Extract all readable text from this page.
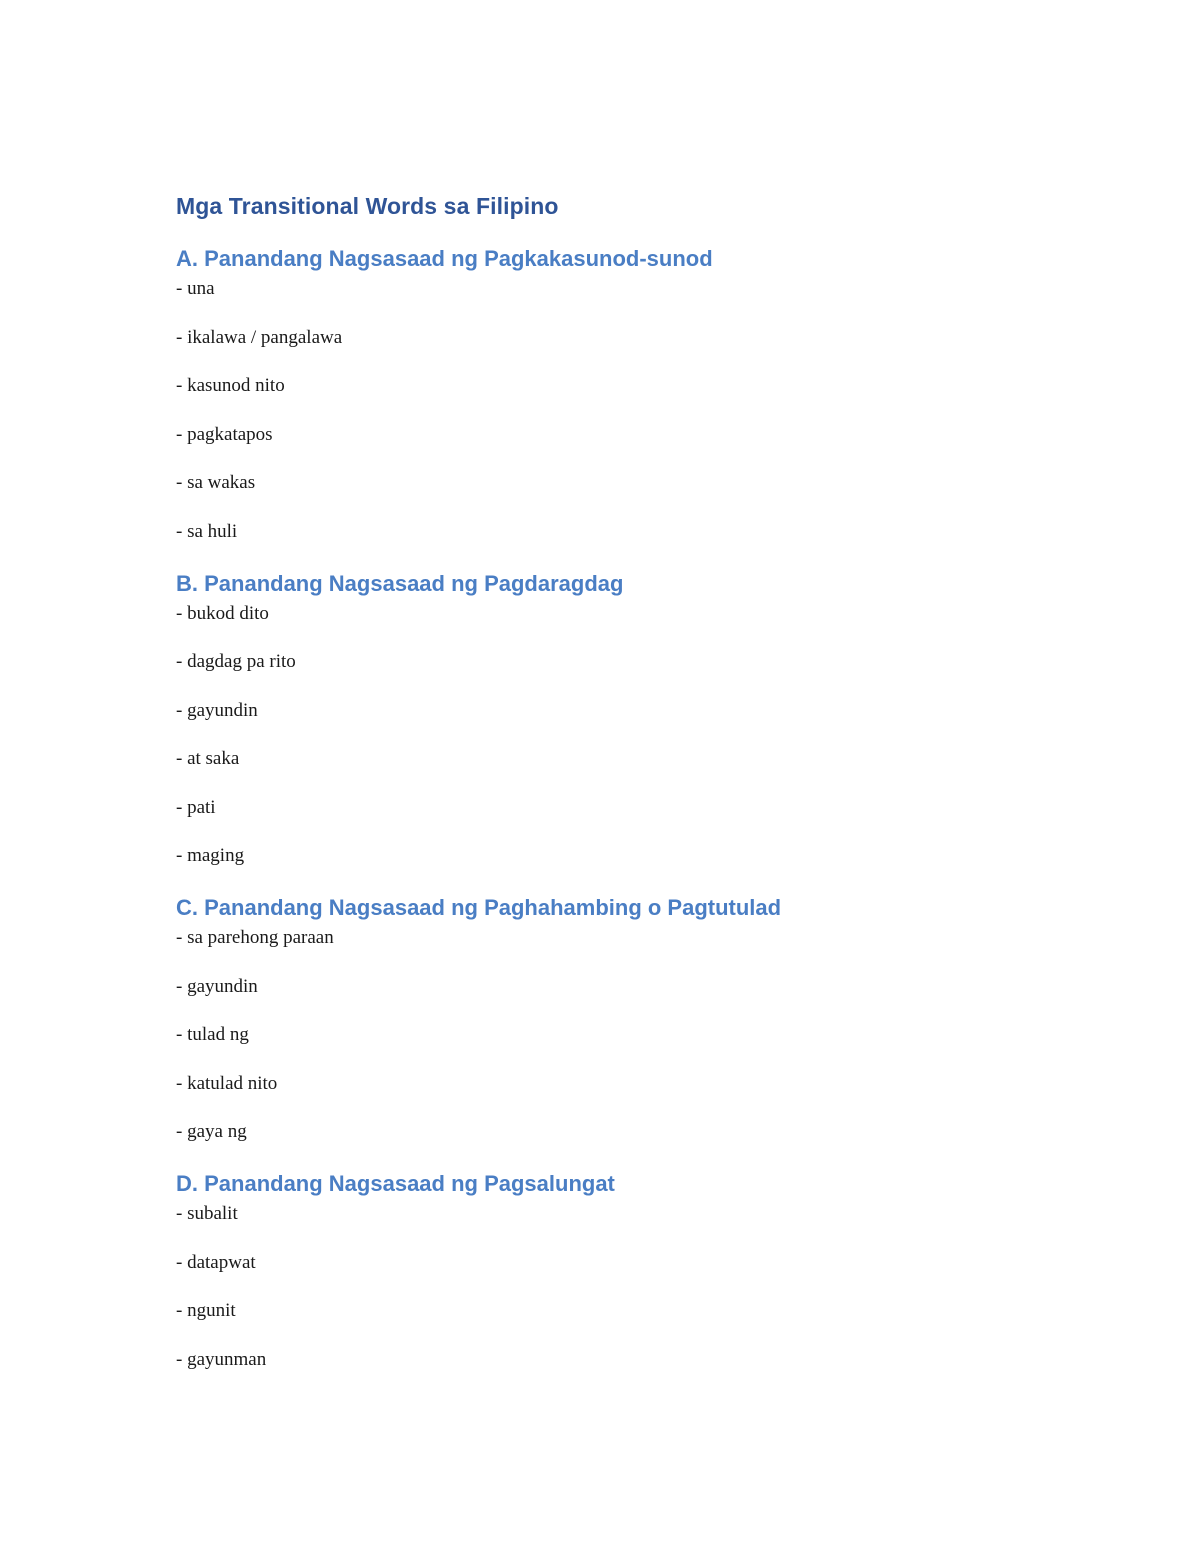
Mga Transitional Words sa Filipino
A. Panandang Nagsasaad ng Pagkakasunod-sunod
- una
- ikalawa / pangalawa
- kasunod nito
- pagkatapos
- sa wakas
- sa huli
B. Panandang Nagsasaad ng Pagdaragdag
- bukod dito
- dagdag pa rito
- gayundin
- at saka
- pati
- maging
C. Panandang Nagsasaad ng Paghahambing o Pagtutulad
- sa parehong paraan
- gayundin
- tulad ng
- katulad nito
- gaya ng
D. Panandang Nagsasaad ng Pagsalungat
- subalit
- datapwat
- ngunit
- gayunman
